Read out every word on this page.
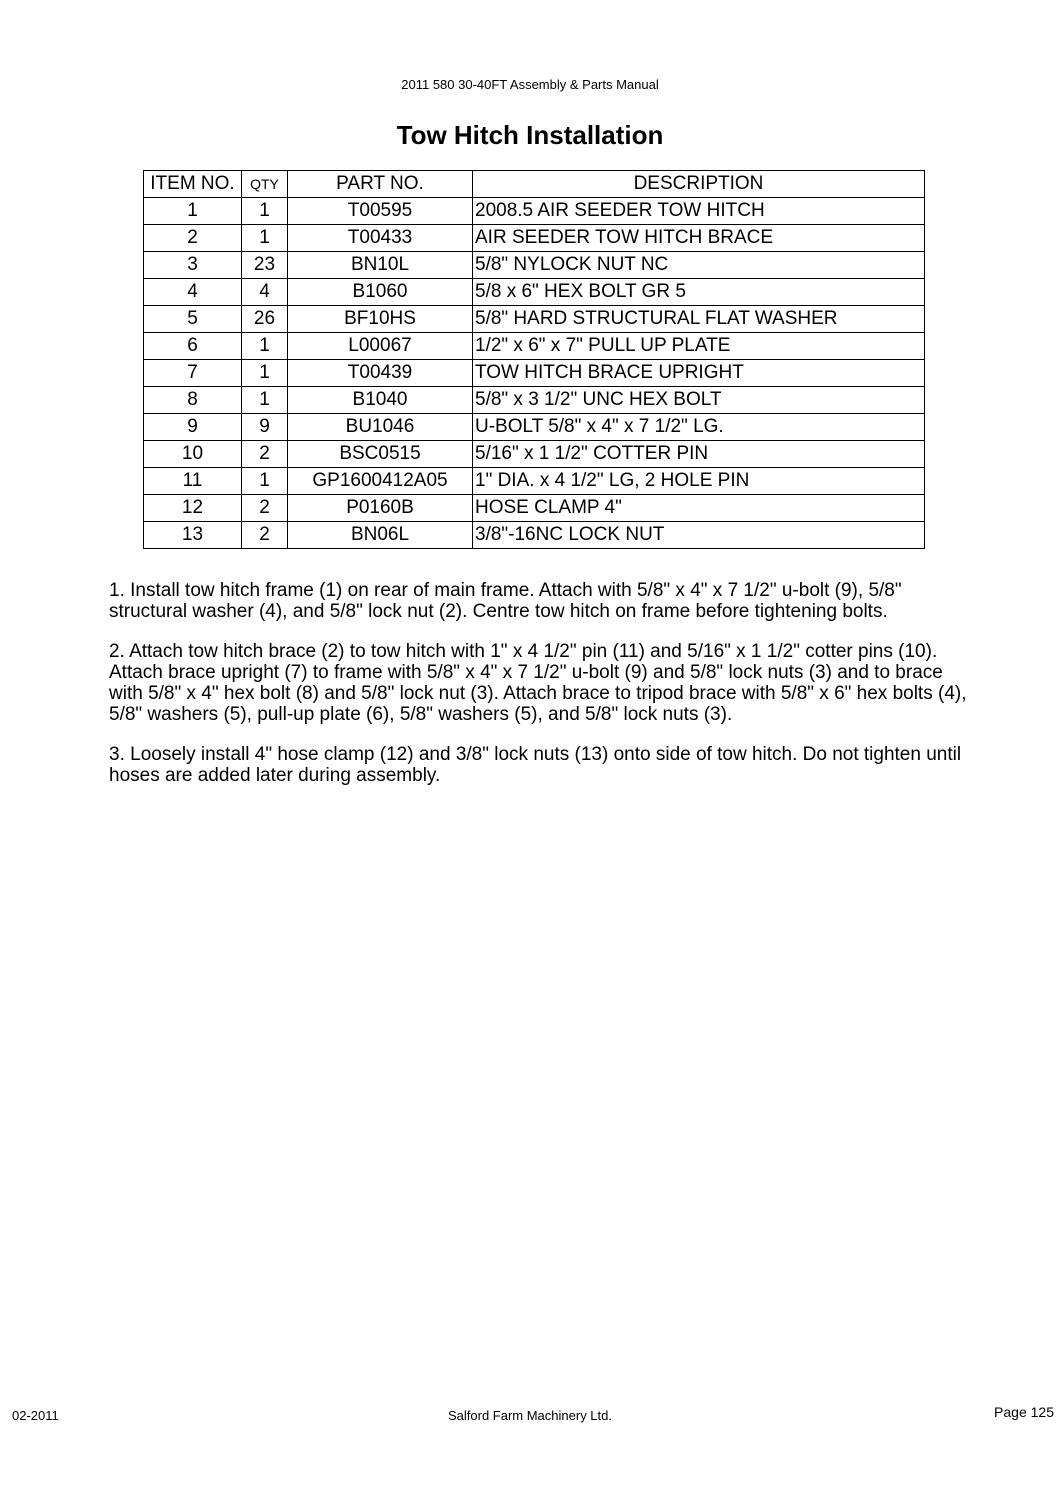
2011 580 30-40FT Assembly & Parts Manual
Tow Hitch Installation
ITEM NO.	QTY	PART NO.	DESCRIPTION
1	1	T00595	2008.5 AIR SEEDER TOW HITCH
2	1	T00433	AIR SEEDER TOW HITCH BRACE
3	23	BN10L	5/8" NYLOCK NUT NC
4	4	B1060	5/8 x 6" HEX BOLT GR 5
5	26	BF10HS	5/8" HARD STRUCTURAL FLAT WASHER
6	1	L00067	1/2" x 6" x 7" PULL UP PLATE
7	1	T00439	TOW HITCH BRACE UPRIGHT
8	1	B1040	5/8" x 3 1/2" UNC HEX BOLT
9	9	BU1046	U-BOLT 5/8" x 4" x 7 1/2" LG.
10	2	BSC0515	5/16" x 1 1/2" COTTER PIN
11	1	GP1600412A05	1" DIA. x 4 1/2" LG, 2 HOLE PIN
12	2	P0160B	HOSE CLAMP 4"
13	2	BN06L	3/8"-16NC LOCK NUT

1. Install tow hitch frame (1) on rear of main frame. Attach with 5/8" x 4" x 7 1/2" u-bolt (9), 5/8" structural washer (4), and 5/8" lock nut (2). Centre tow hitch on frame before tightening bolts.

2. Attach tow hitch brace (2) to tow hitch with 1" x 4 1/2" pin (11) and 5/16" x 1 1/2" cotter pins (10). Attach brace upright (7) to frame with 5/8" x 4" x 7 1/2" u-bolt (9) and 5/8" lock nuts (3) and to brace with 5/8" x 4" hex bolt (8) and 5/8" lock nut (3). Attach brace to tripod brace with 5/8" x 6" hex bolts (4), 5/8" washers (5), pull-up plate (6), 5/8" washers (5), and 5/8" lock nuts (3).

3. Loosely install 4" hose clamp (12) and 3/8" lock nuts (13) onto side of tow hitch. Do not tighten until hoses are added later during assembly.

02-2011	Salford Farm Machinery Ltd.	Page 125
